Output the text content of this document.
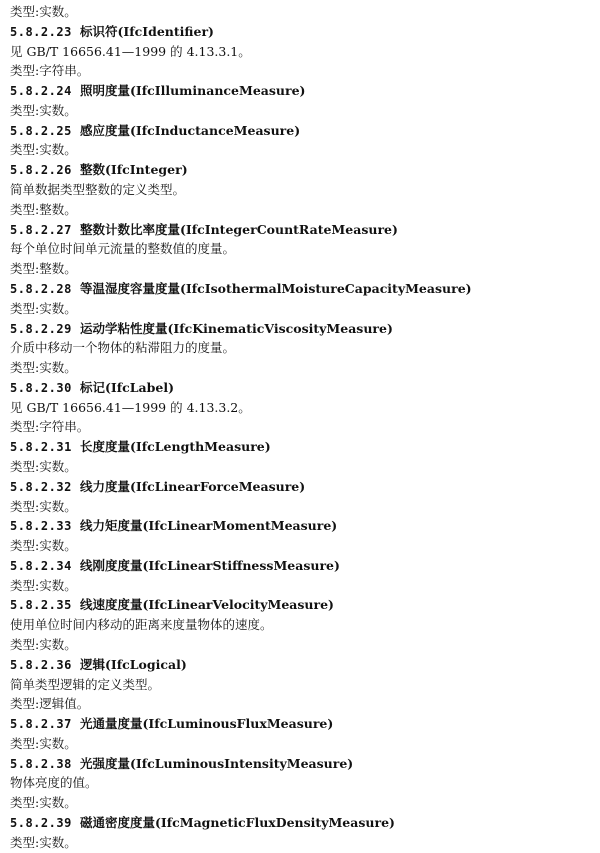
类型:实数。
5.8.2.23 标识符(IfcIdentifier)
见 GB/T 16656.41—1999 的 4.13.3.1。
类型:字符串。
5.8.2.24 照明度量(IfcIlluminanceMeasure)
类型:实数。
5.8.2.25 感应度量(IfcInductanceMeasure)
类型:实数。
5.8.2.26 整数(IfcInteger)
简单数据类型整数的定义类型。
类型:整数。
5.8.2.27 整数计数比率度量(IfcIntegerCountRateMeasure)
每个单位时间单元流量的整数值的度量。
类型:整数。
5.8.2.28 等温湿度容量度量(IfcIsothermalMoistureCapacityMeasure)
类型:实数。
5.8.2.29 运动学粘性度量(IfcKinematicViscosityMeasure)
介质中移动一个物体的粘滞阻力的度量。
类型:实数。
5.8.2.30 标记(IfcLabel)
见 GB/T 16656.41—1999 的 4.13.3.2。
类型:字符串。
5.8.2.31 长度度量(IfcLengthMeasure)
类型:实数。
5.8.2.32 线力度量(IfcLinearForceMeasure)
类型:实数。
5.8.2.33 线力矩度量(IfcLinearMomentMeasure)
类型:实数。
5.8.2.34 线刚度度量(IfcLinearStiffnessMeasure)
类型:实数。
5.8.2.35 线速度度量(IfcLinearVelocityMeasure)
使用单位时间内移动的距离来度量物体的速度。
类型:实数。
5.8.2.36 逻辑(IfcLogical)
简单类型逻辑的定义类型。
类型:逻辑值。
5.8.2.37 光通量度量(IfcLuminousFluxMeasure)
类型:实数。
5.8.2.38 光强度量(IfcLuminousIntensityMeasure)
物体亮度的值。
类型:实数。
5.8.2.39 磁通密度度量(IfcMagneticFluxDensityMeasure)
类型:实数。
